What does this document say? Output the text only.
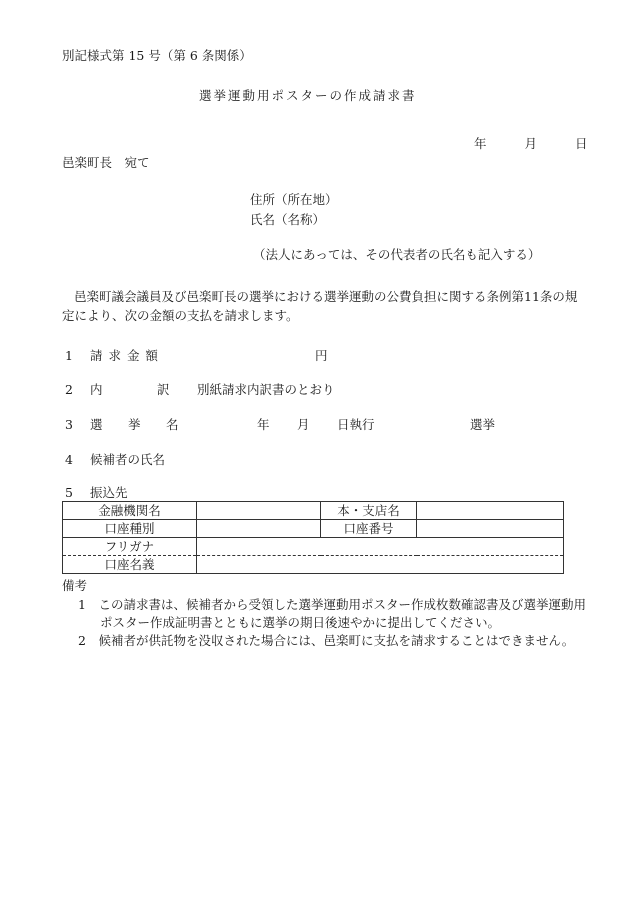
別記様式第 15 号（第 6 条関係）
選挙運動用ポスターの作成請求書
年	月	日
邑楽町長　宛て
住所（所在地）
氏名（名称）
（法人にあっては、その代表者の氏名も記入する）
邑楽町議会議員及び邑楽町長の選挙における選挙運動の公費負担に関する条例第11条の規定により、次の金額の支払を請求します。
1 請 求 金 額	円
2 内	訳 別紙請求内訳書のとおり
3 選 挙 名	年 月 日執行	選挙
4 候補者の氏名
5 振込先
金融機関名		本・支店名	
口座種別		口座番号	
フリガナ			
口座名義			
備考
1　この請求書は、候補者から受領した選挙運動用ポスター作成枚数確認書及び選挙運動用ポスター作成証明書とともに選挙の期日後速やかに提出してください。
2　候補者が供託物を没収された場合には、邑楽町に支払を請求することはできません。
